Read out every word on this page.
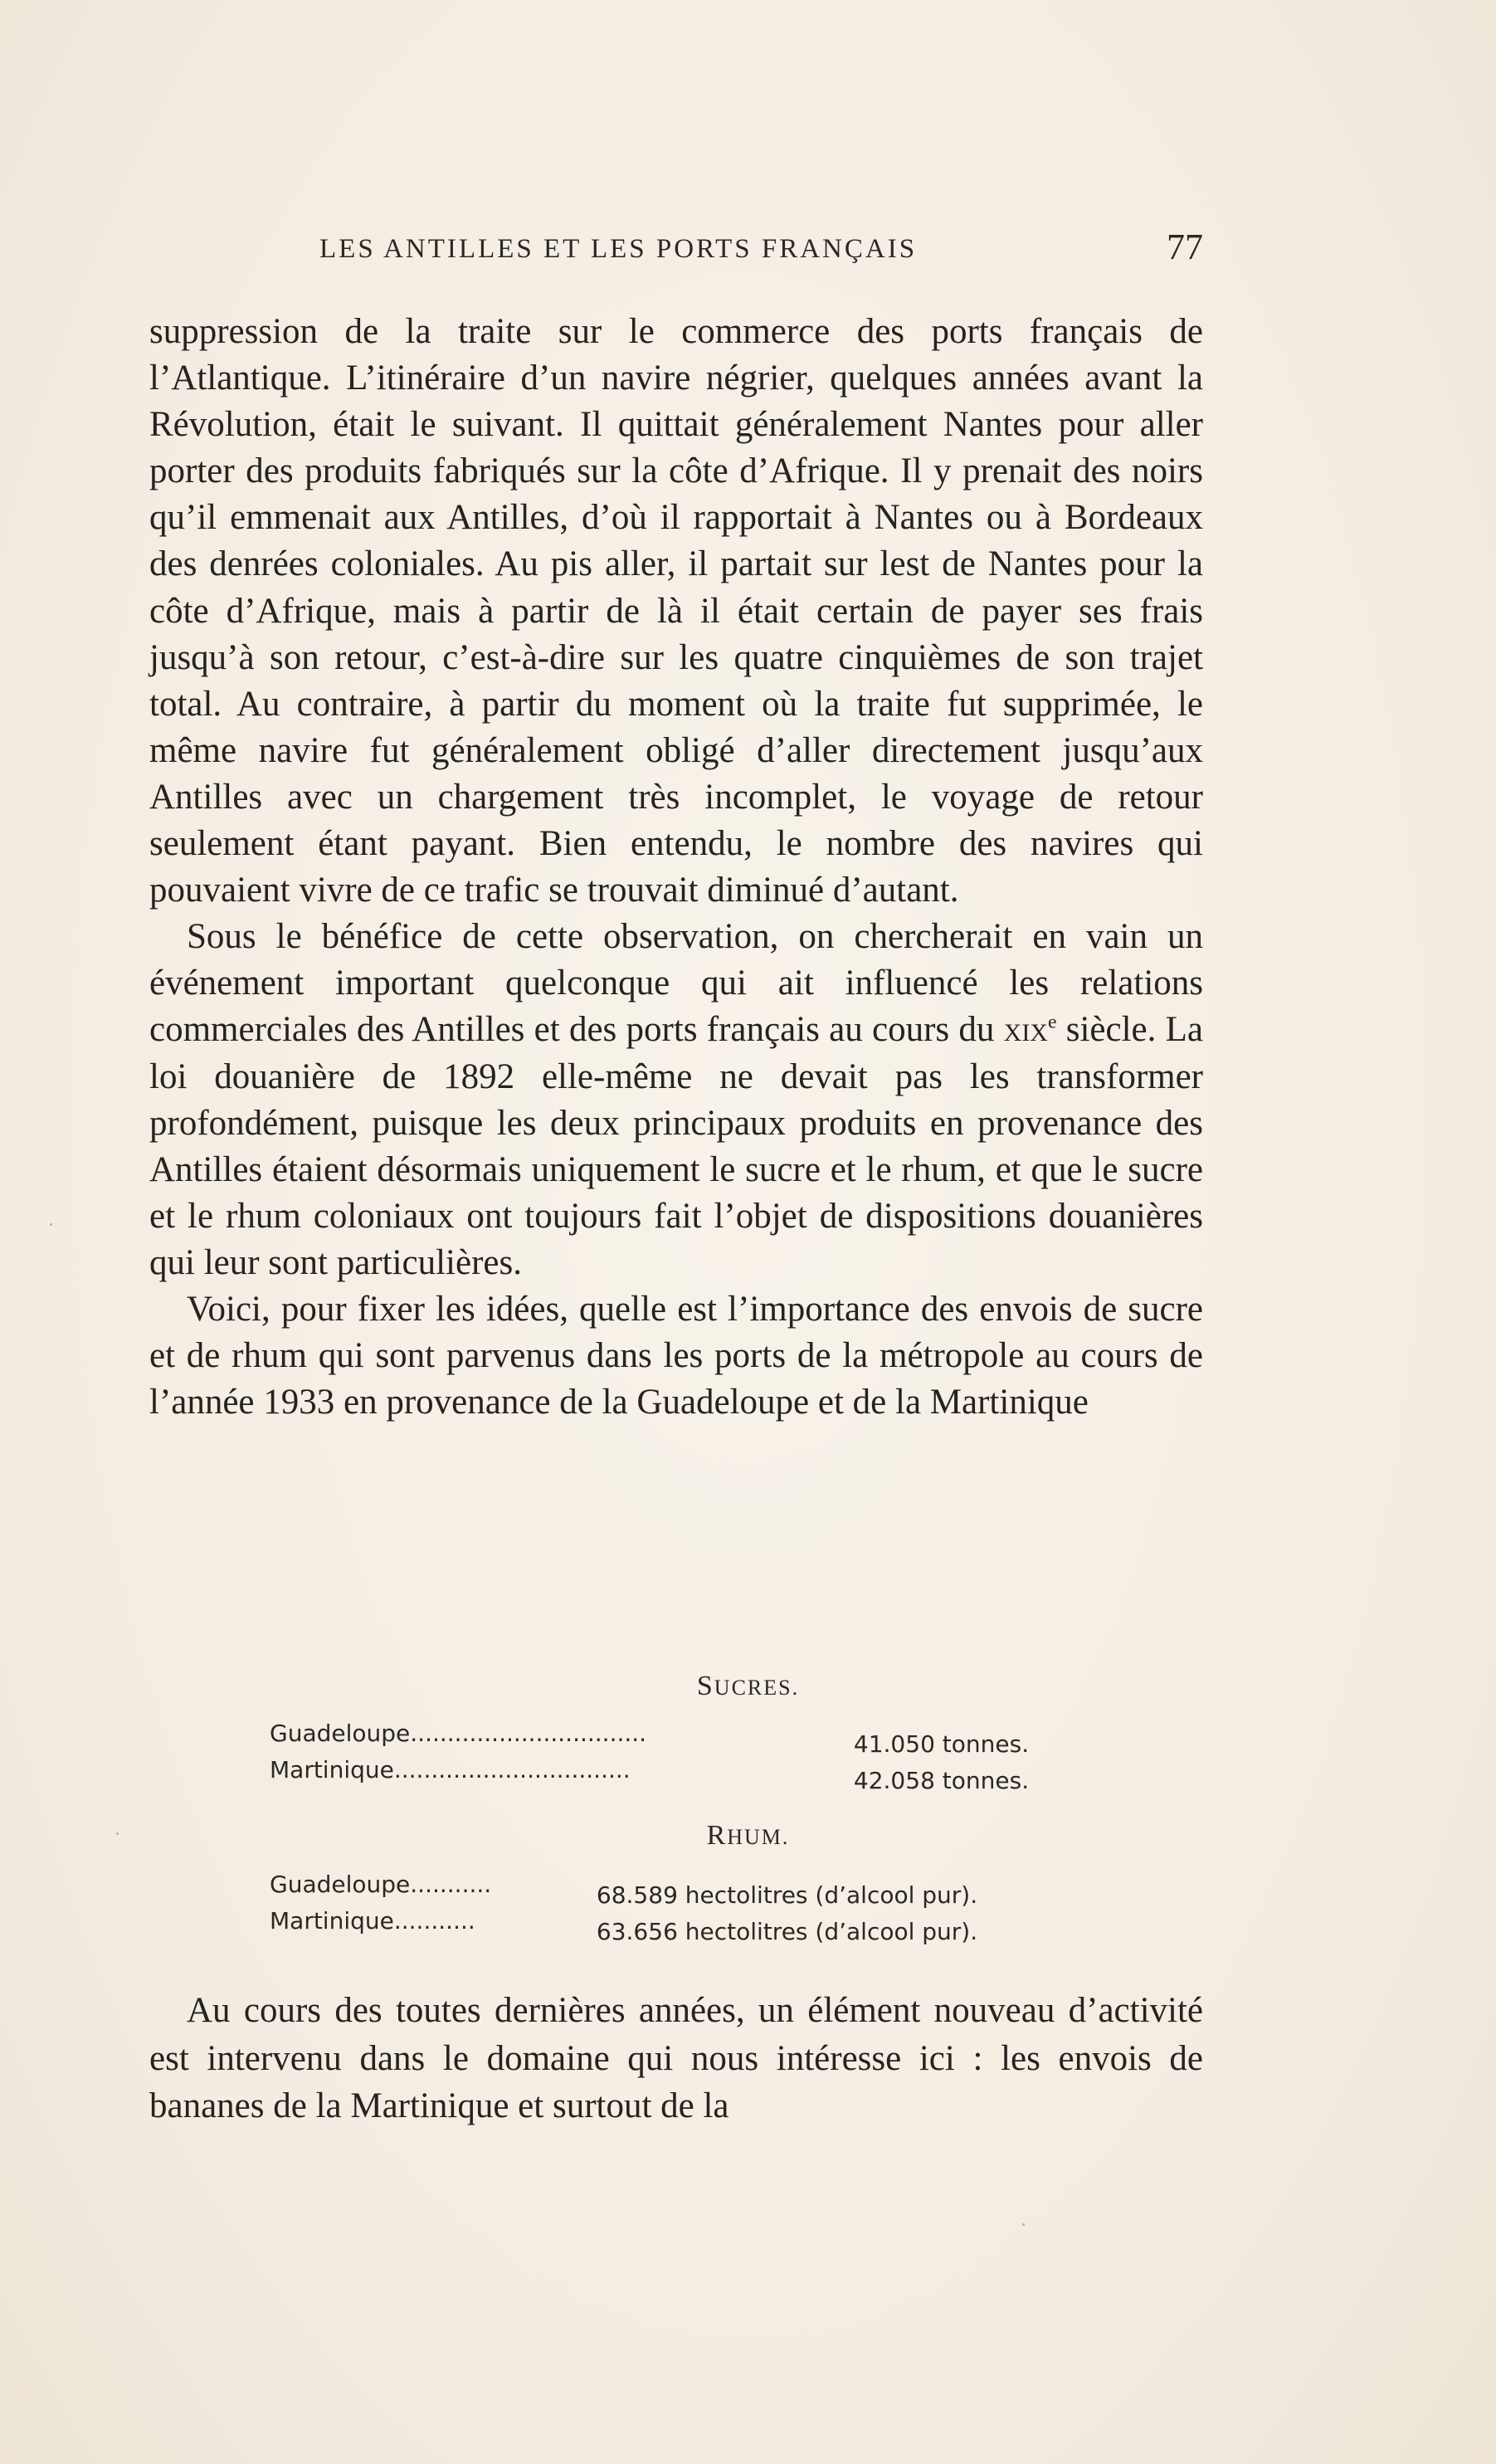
LES ANTILLES ET LES PORTS FRANÇAIS	77

suppression de la traite sur le commerce des ports français de l’Atlantique. L’itinéraire d’un navire négrier, quelques années avant la Révolution, était le suivant. Il quittait généralement Nantes pour aller porter des produits fabriqués sur la côte d’Afrique. Il y prenait des noirs qu’il emmenait aux Antilles, d’où il rapportait à Nantes ou à Bordeaux des denrées coloniales. Au pis aller, il partait sur lest de Nantes pour la côte d’Afrique, mais à partir de là il était certain de payer ses frais jusqu’à son retour, c’est-à-dire sur les quatre cinquièmes de son trajet total. Au contraire, à partir du moment où la traite fut supprimée, le même navire fut généralement obligé d’aller directement jusqu’aux Antilles avec un chargement très incomplet, le voyage de retour seulement étant payant. Bien entendu, le nombre des navires qui pouvaient vivre de ce trafic se trouvait diminué d’autant.

Sous le bénéfice de cette observation, on chercherait en vain un événement important quelconque qui ait influencé les relations commerciales des Antilles et des ports français au cours du xix$^e$ siècle. La loi douanière de 1892 elle-même ne devait pas les transformer profondément, puisque les deux principaux produits en provenance des Antilles étaient désormais uniquement le sucre et le rhum, et que le sucre et le rhum coloniaux ont toujours fait l’objet de dispositions douanières qui leur sont particulières.

Voici, pour fixer les idées, quelle est l’importance des envois de sucre et de rhum qui sont parvenus dans les ports de la métropole au cours de l’année 1933 en provenance de la Guadeloupe et de la Martinique

SUCRES.
Guadeloupe................................	41.050 tonnes.
Martinique................................	42.058 tonnes.
RHUM.
Guadeloupe...........	68.589 hectolitres (d’alcool pur).
Martinique...........	63.656 hectolitres (d’alcool pur).

Au cours des toutes dernières années, un élément nouveau d’activité est intervenu dans le domaine qui nous intéresse ici : les envois de bananes de la Martinique et surtout de la
